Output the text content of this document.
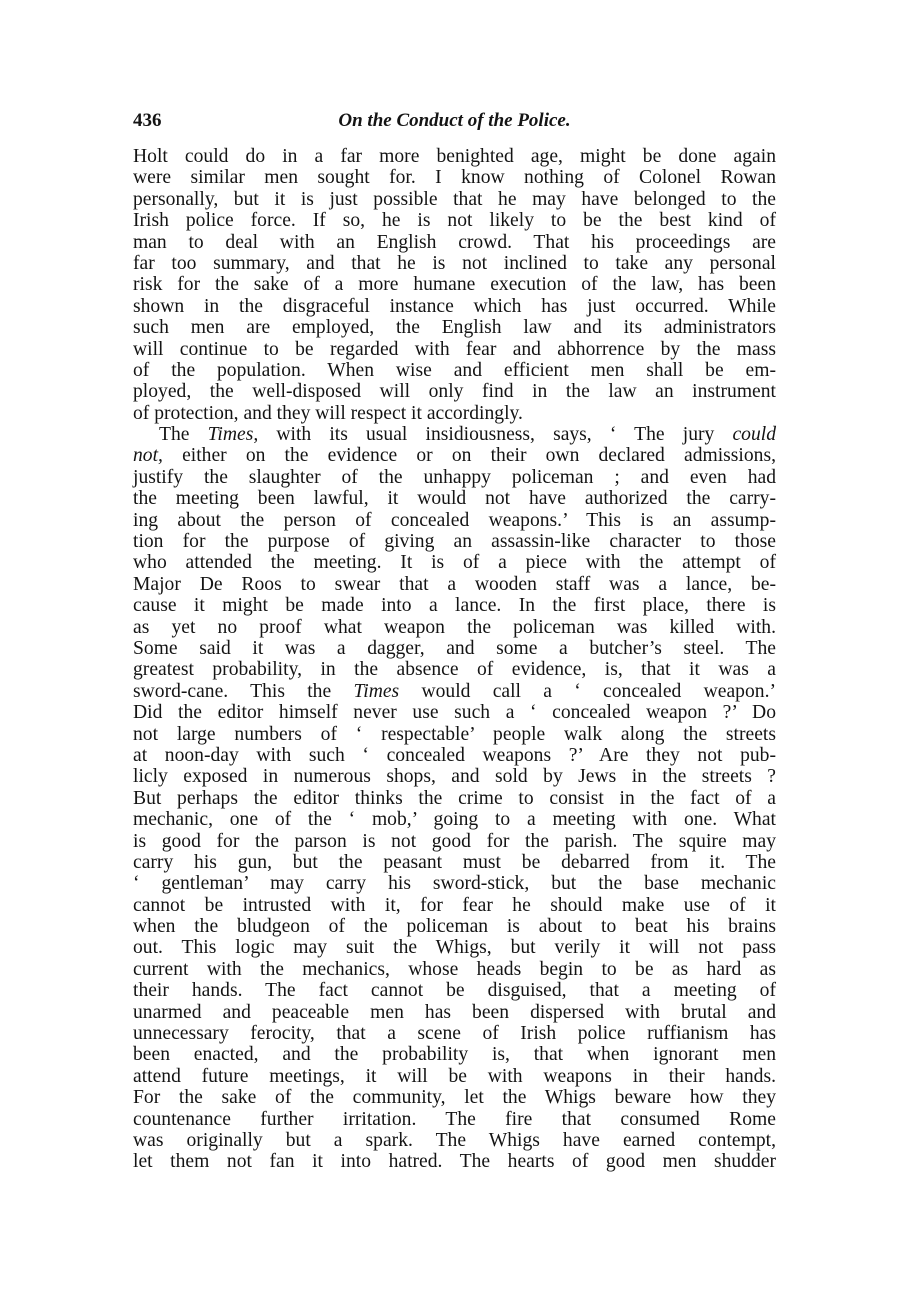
436	On the Conduct of the Police.
Holt could do in a far more benighted age, might be done again
were similar men sought for. I know nothing of Colonel Rowan
personally, but it is just possible that he may have belonged to the
Irish police force. If so, he is not likely to be the best kind of
man to deal with an English crowd. That his proceedings are
far too summary, and that he is not inclined to take any personal
risk for the sake of a more humane execution of the law, has been
shown in the disgraceful instance which has just occurred. While
such men are employed, the English law and its administrators
will continue to be regarded with fear and abhorrence by the mass
of the population. When wise and efficient men shall be em-
ployed, the well-disposed will only find in the law an instrument
of protection, and they will respect it accordingly.
The Times, with its usual insidiousness, says, ‘ The jury could
not, either on the evidence or on their own declared admissions,
justify the slaughter of the unhappy policeman ; and even had
the meeting been lawful, it would not have authorized the carry-
ing about the person of concealed weapons.’ This is an assump-
tion for the purpose of giving an assassin-like character to those
who attended the meeting. It is of a piece with the attempt of
Major De Roos to swear that a wooden staff was a lance, be-
cause it might be made into a lance. In the first place, there is
as yet no proof what weapon the policeman was killed with.
Some said it was a dagger, and some a butcher’s steel. The
greatest probability, in the absence of evidence, is, that it was a
sword-cane. This the Times would call a ‘ concealed weapon.’
Did the editor himself never use such a ‘ concealed weapon ?’ Do
not large numbers of ‘ respectable’ people walk along the streets
at noon-day with such ‘ concealed weapons ?’ Are they not pub-
licly exposed in numerous shops, and sold by Jews in the streets ?
But perhaps the editor thinks the crime to consist in the fact of a
mechanic, one of the ‘ mob,’ going to a meeting with one. What
is good for the parson is not good for the parish. The squire may
carry his gun, but the peasant must be debarred from it. The
‘ gentleman’ may carry his sword-stick, but the base mechanic
cannot be intrusted with it, for fear he should make use of it
when the bludgeon of the policeman is about to beat his brains
out. This logic may suit the Whigs, but verily it will not pass
current with the mechanics, whose heads begin to be as hard as
their hands. The fact cannot be disguised, that a meeting of
unarmed and peaceable men has been dispersed with brutal and
unnecessary ferocity, that a scene of Irish police ruffianism has
been enacted, and the probability is, that when ignorant men
attend future meetings, it will be with weapons in their hands.
For the sake of the community, let the Whigs beware how they
countenance further irritation. The fire that consumed Rome
was originally but a spark. The Whigs have earned contempt,
let them not fan it into hatred. The hearts of good men shudder
